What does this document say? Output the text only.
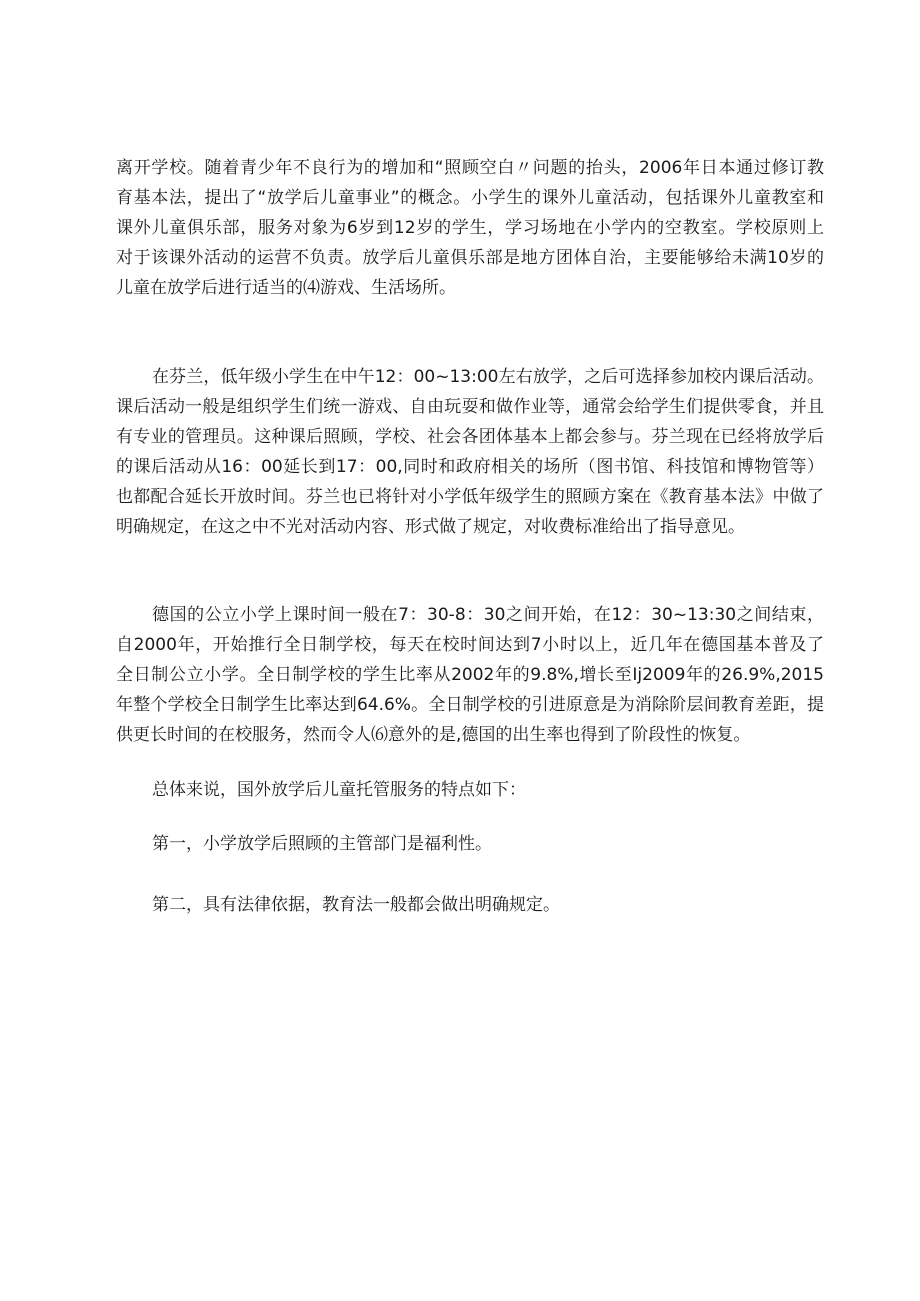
离开学校。随着青少年不良行为的增加和“照顾空白〃问题的抬头，2006年日本通过修订教
育基本法，提出了“放学后儿童事业”的概念。小学生的课外儿童活动，包括课外儿童教室和
课外儿童俱乐部，服务对象为6岁到12岁的学生，学习场地在小学内的空教室。学校原则上
对于该课外活动的运营不负责。放学后儿童俱乐部是地方团体自治，主要能够给未满10岁的
儿童在放学后进行适当的⑷游戏、生活场所。
在芬兰，低年级小学生在中午12：00~13:00左右放学，之后可选择参加校内课后活动。
课后活动一般是组织学生们统一游戏、自由玩耍和做作业等，通常会给学生们提供零食，并且
有专业的管理员。这种课后照顾，学校、社会各团体基本上都会参与。芬兰现在已经将放学后
的课后活动从16：00延长到17：00,同时和政府相关的场所（图书馆、科技馆和博物管等）
也都配合延长开放时间。芬兰也已将针对小学低年级学生的照顾方案在《教育基本法》中做了
明确规定，在这之中不光对活动内容、形式做了规定，对收费标准给出了指导意见。
德国的公立小学上课时间一般在7：30-8：30之间开始，在12：30~13:30之间结束，
自2000年，开始推行全日制学校，每天在校时间达到7小时以上，近几年在德国基本普及了
全日制公立小学。全日制学校的学生比率从2002年的9.8%,增长至Ij2009年的26.9%,2015
年整个学校全日制学生比率达到64.6%。全日制学校的引进原意是为消除阶层间教育差距，提
供更长时间的在校服务，然而令人⑹意外的是,德国的出生率也得到了阶段性的恢复。
总体来说，国外放学后儿童托管服务的特点如下：
第一，小学放学后照顾的主管部门是福利性。
第二，具有法律依据，教育法一般都会做出明确规定。
